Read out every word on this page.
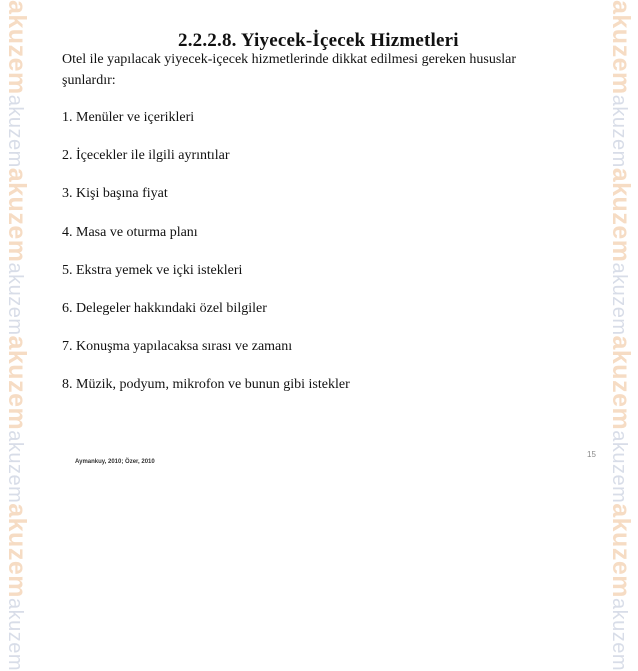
akuzemakuzemakuzemakuzemakuzemakuzemakuzemakuzem
akuzemakuzemakuzemakuzemakuzemakuzemakuzemakuzem
Otel ile yapılacak yiyecek-içecek hizmetlerinde dikkat edilmesi gereken hususlar şunlardır:
2.2.2.8. Yiyecek-İçecek Hizmetleri
1. Menüler ve içerikleri
2. İçecekler ile ilgili ayrıntılar
3. Kişi başına fiyat
4. Masa ve oturma planı
5. Ekstra yemek ve içki istekleri
6. Delegeler hakkındaki özel bilgiler
7. Konuşma yapılacaksa sırası ve zamanı
8. Müzik, podyum, mikrofon ve bunun gibi istekler
15
Aymankuy, 2010; Özer, 2010
